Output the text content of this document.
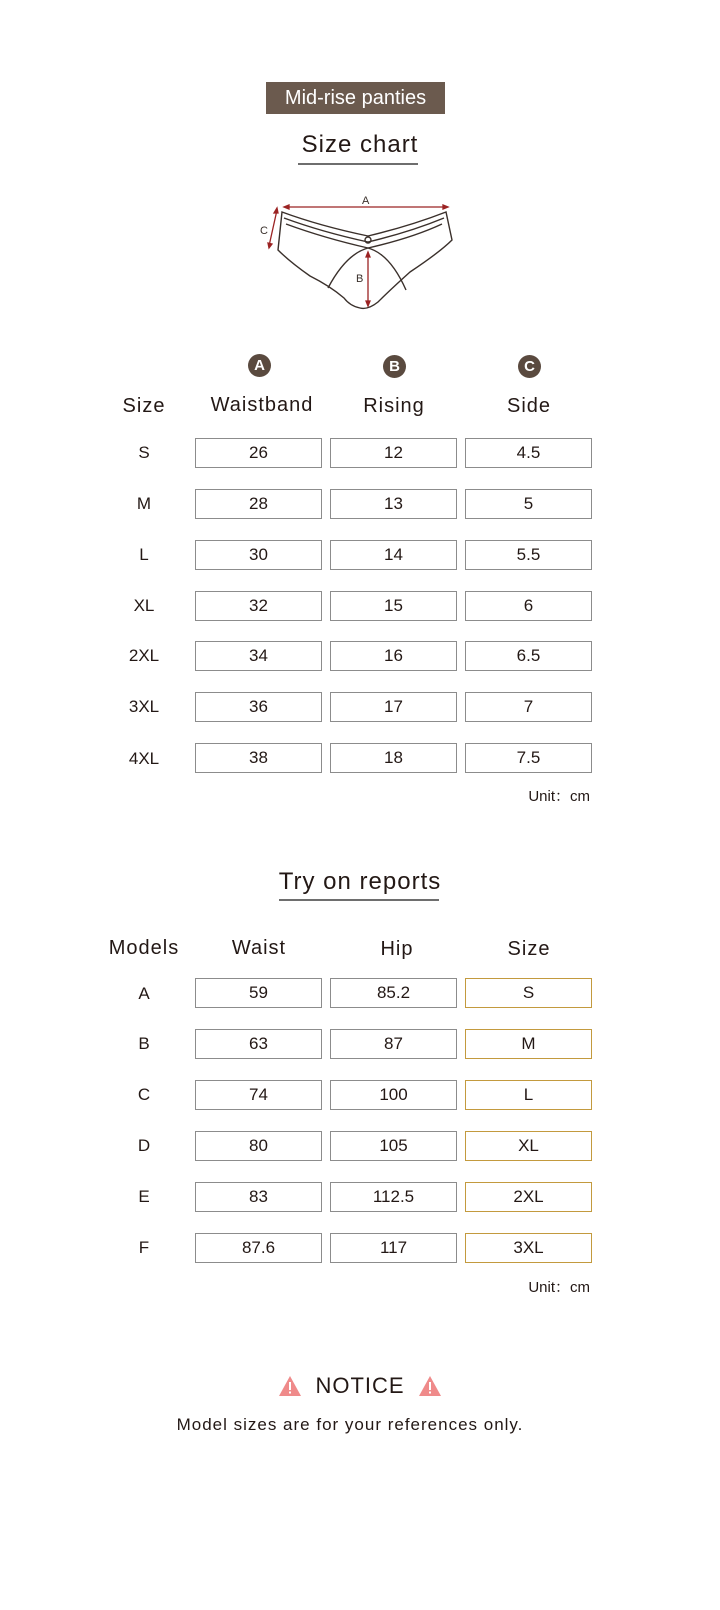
Mid-rise panties
Size chart
A
B
C
A	B	C
Size	Waistband	Rising	Side
S	26	12	4.5
M	28	13	5
L	30	14	5.5
XL	32	15	6
2XL	34	16	6.5
3XL	36	17	7
4XL	38	18	7.5
Unit：cm
Try on reports
Models	Waist	Hip	Size
A	59	85.2	S
B	63	87	M
C	74	100	L
D	80	105	XL
E	83	112.5	2XL
F	87.6	117	3XL
Unit：cm
NOTICE
Model sizes are for your references only.
